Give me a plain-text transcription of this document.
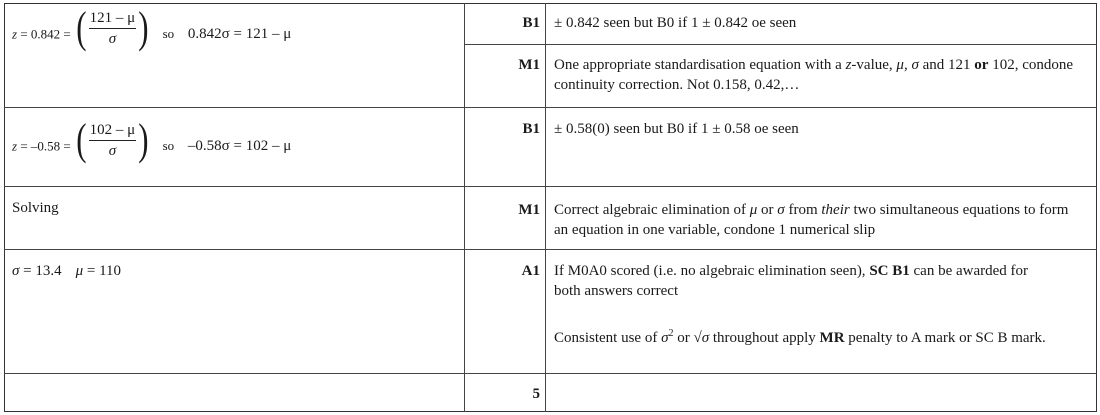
z = 0.842 = ( $\frac{121 - \mu}{\sigma}$ ) so 0.842σ = 121 – μ
B1 ± 0.842 seen but B0 if 1 ± 0.842 oe seen
M1 One appropriate standardisation equation with a z-value, μ, σ and 121 or 102, condone continuity correction. Not 0.158, 0.42,…
z = –0.58 = ( $\frac{102 - \mu}{\sigma}$ ) so –0.58σ = 102 – μ
B1 ± 0.58(0) seen but B0 if 1 ± 0.58 oe seen
Solving	M1 Correct algebraic elimination of μ or σ from their two simultaneous equations to form an equation in one variable, condone 1 numerical slip
σ = 13.4 μ = 110	A1 If M0A0 scored (i.e. no algebraic elimination seen), SC B1 can be awarded for both answers correct
Consistent use of $\sigma^2$ or √σ throughout apply MR penalty to A mark or SC B mark.
5
